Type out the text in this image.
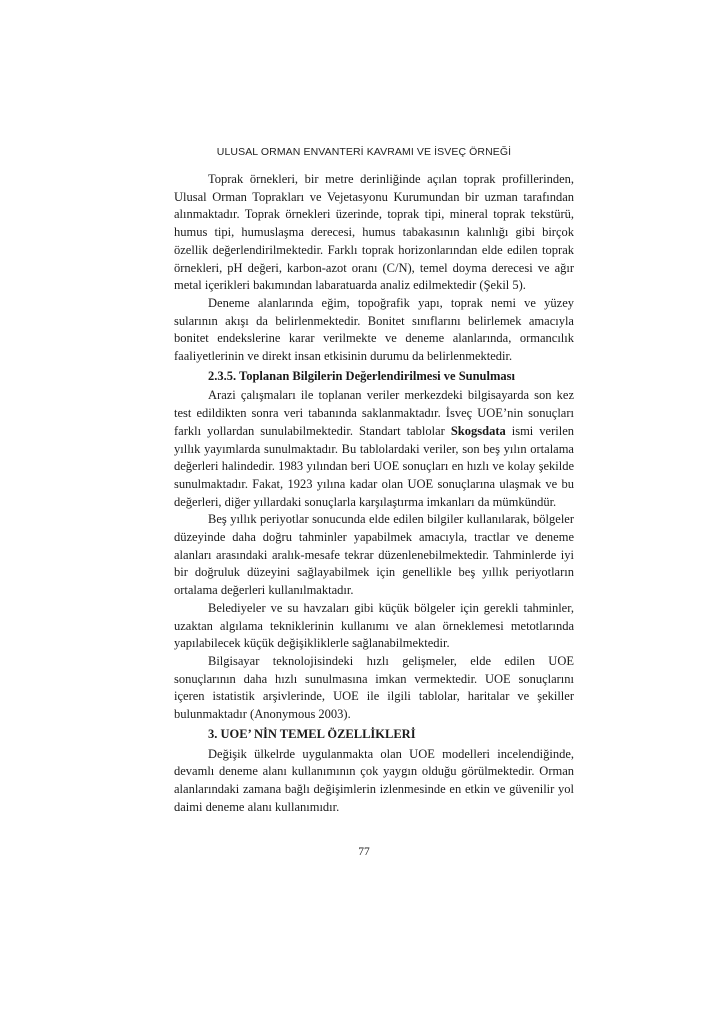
ULUSAL ORMAN ENVANTERİ KAVRAMI VE İSVEÇ ÖRNEĞİ

Toprak örnekleri, bir metre derinliğinde açılan toprak profillerinden, Ulusal Orman Toprakları ve Vejetasyonu Kurumundan bir uzman tarafından alınmaktadır. Toprak örnekleri üzerinde, toprak tipi, mineral toprak tekstürü, humus tipi, humuslaşma derecesi, humus tabakasının kalınlığı gibi birçok özellik değerlendirilmektedir. Farklı toprak horizonlarından elde edilen toprak örnekleri, pH değeri, karbon-azot oranı (C/N), temel doyma derecesi ve ağır metal içerikleri bakımından labaratuarda analiz edilmektedir (Şekil 5).

Deneme alanlarında eğim, topoğrafik yapı, toprak nemi ve yüzey sularının akışı da belirlenmektedir. Bonitet sınıflarını belirlemek amacıyla bonitet endekslerine karar verilmekte ve deneme alanlarında, ormancılık faaliyetlerinin ve direkt insan etkisinin durumu da belirlenmektedir.

2.3.5. Toplanan Bilgilerin Değerlendirilmesi ve Sunulması

Arazi çalışmaları ile toplanan veriler merkezdeki bilgisayarda son kez test edildikten sonra veri tabanında saklanmaktadır. İsveç UOE’nin sonuçları farklı yollardan sunulabilmektedir. Standart tablolar Skogsdata ismi verilen yıllık yayımlarda sunulmaktadır. Bu tablolardaki veriler, son beş yılın ortalama değerleri halindedir. 1983 yılından beri UOE sonuçları en hızlı ve kolay şekilde sunulmaktadır. Fakat, 1923 yılına kadar olan UOE sonuçlarına ulaşmak ve bu değerleri, diğer yıllardaki sonuçlarla karşılaştırma imkanları da mümkündür.

Beş yıllık periyotlar sonucunda elde edilen bilgiler kullanılarak, bölgeler düzeyinde daha doğru tahminler yapabilmek amacıyla, tractlar ve deneme alanları arasındaki aralık-mesafe tekrar düzenlenebilmektedir. Tahminlerde iyi bir doğruluk düzeyini sağlayabilmek için genellikle beş yıllık periyotların ortalama değerleri kullanılmaktadır.

Belediyeler ve su havzaları gibi küçük bölgeler için gerekli tahminler, uzaktan algılama tekniklerinin kullanımı ve alan örneklemesi metotlarında yapılabilecek küçük değişikliklerle sağlanabilmektedir.

Bilgisayar teknolojisindeki hızlı gelişmeler, elde edilen UOE sonuçlarının daha hızlı sunulmasına imkan vermektedir. UOE sonuçlarını içeren istatistik arşivlerinde, UOE ile ilgili tablolar, haritalar ve şekiller bulunmaktadır (Anonymous 2003).

3. UOE’ NİN TEMEL ÖZELLİKLERİ

Değişik ülkelrde uygulanmakta olan UOE modelleri incelendiğinde, devamlı deneme alanı kullanımının çok yaygın olduğu görülmektedir. Orman alanlarındaki zamana bağlı değişimlerin izlenmesinde en etkin ve güvenilir yol daimi deneme alanı kullanımıdır.

77
